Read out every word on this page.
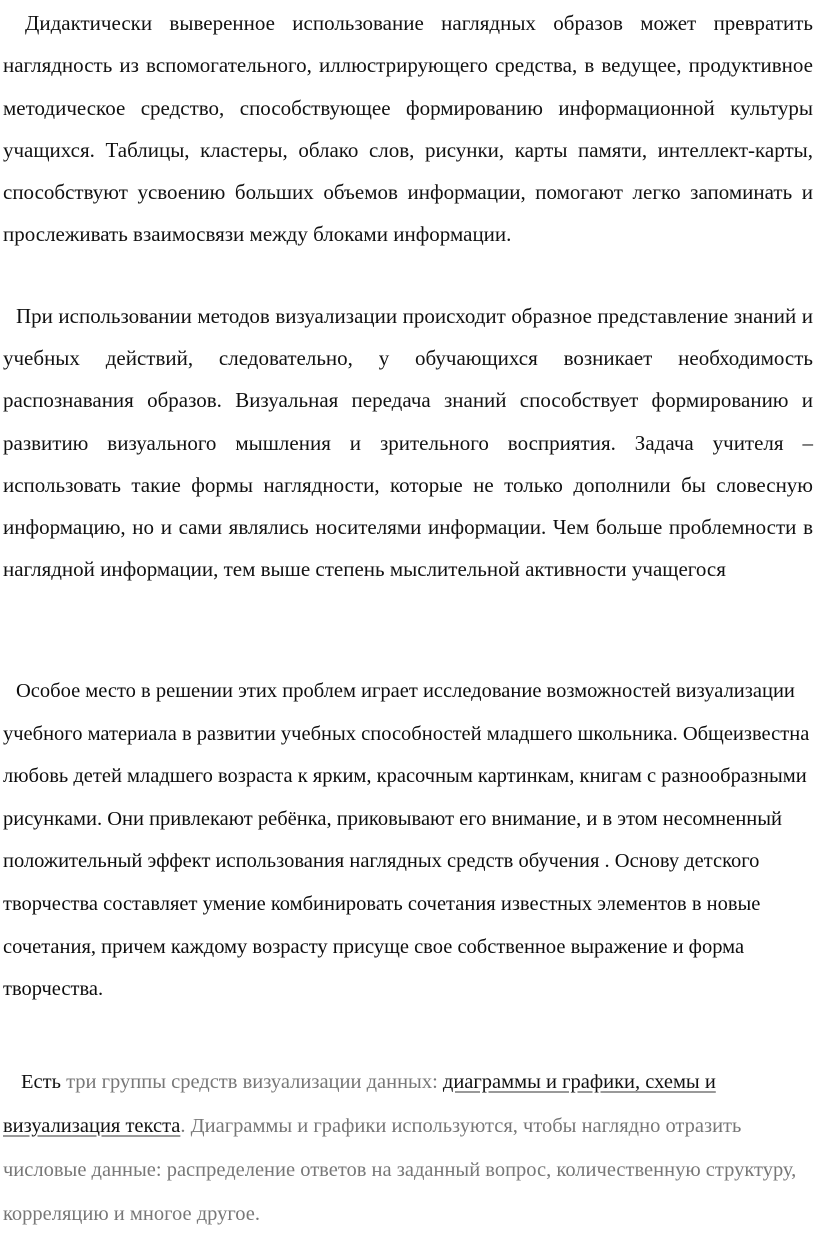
Дидактически выверенное использование наглядных образов может превратить наглядность из вспомогательного, иллюстрирующего средства, в ведущее, продуктивное методическое средство, способствующее формированию информационной культуры учащихся. Таблицы, кластеры, облако слов, рисунки, карты памяти, интеллект-карты, способствуют усвоению больших объемов информации, помогают легко запоминать и прослеживать взаимосвязи между блоками информации.

При использовании методов визуализации происходит образное представление знаний и учебных действий, следовательно, у обучающихся возникает необходимость распознавания образов. Визуальная передача знаний способствует формированию и развитию визуального мышления и зрительного восприятия. Задача учителя – использовать такие формы наглядности, которые не только дополнили бы словесную информацию, но и сами являлись носителями информации. Чем больше проблемности в наглядной информации, тем выше степень мыслительной активности учащегося

Особое место в решении этих проблем играет исследование возможностей визуализации учебного материала в развитии учебных способностей младшего школьника. Общеизвестна любовь детей младшего возраста к ярким, красочным картинкам, книгам с разнообразными рисунками. Они привлекают ребёнка, приковывают его внимание, и в этом несомненный положительный эффект использования наглядных средств обучения . Основу детского творчества составляет умение комбинировать сочетания известных элементов в новые сочетания, причем каждому возрасту присуще свое собственное выражение и форма творчества.

Есть три группы средств визуализации данных: диаграммы и графики, схемы и визуализация текста. Диаграммы и графики используются, чтобы наглядно отразить числовые данные: распределение ответов на заданный вопрос, количественную структуру, корреляцию и многое другое.
